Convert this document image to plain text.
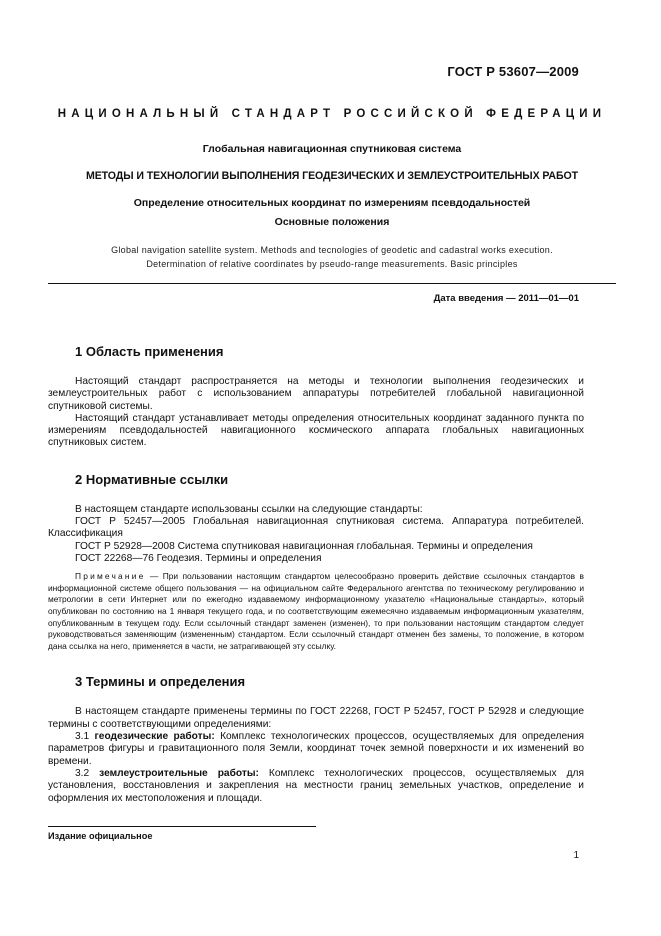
ГОСТ Р 53607—2009
НАЦИОНАЛЬНЫЙ СТАНДАРТ РОССИЙСКОЙ ФЕДЕРАЦИИ
Глобальная навигационная спутниковая система
МЕТОДЫ И ТЕХНОЛОГИИ ВЫПОЛНЕНИЯ ГЕОДЕЗИЧЕСКИХ И ЗЕМЛЕУСТРОИТЕЛЬНЫХ РАБОТ
Определение относительных координат по измерениям псевдодальностей
Основные положения
Global navigation satellite system. Methods and tecnologies of geodetic and cadastral works execution.
Determination of relative coordinates by pseudo-range measurements. Basic principles
Дата введения — 2011—01—01
1 Область применения

Настоящий стандарт распространяется на методы и технологии выполнения геодезических и землеустроительных работ с использованием аппаратуры потребителей глобальной навигационной спутниковой системы.

Настоящий стандарт устанавливает методы определения относительных координат заданного пункта по измерениям псевдодальностей навигационного космического аппарата глобальных навигационных спутниковых систем.

2 Нормативные ссылки

В настоящем стандарте использованы ссылки на следующие стандарты:

ГОСТ Р 52457—2005 Глобальная навигационная спутниковая система. Аппаратура потребителей. Классификация

ГОСТ Р 52928—2008 Система спутниковая навигационная глобальная. Термины и определения

ГОСТ 22268—76 Геодезия. Термины и определения

Примечание — При пользовании настоящим стандартом целесообразно проверить действие ссылочных стандартов в информационной системе общего пользования — на официальном сайте Федерального агентства по техническому регулированию и метрологии в сети Интернет или по ежегодно издаваемому информационному указателю «Национальные стандарты», который опубликован по состоянию на 1 января текущего года, и по соответствующим ежемесячно издаваемым информационным указателям, опубликованным в текущем году. Если ссылочный стандарт заменен (изменен), то при пользовании настоящим стандартом следует руководствоваться заменяющим (измененным) стандартом. Если ссылочный стандарт отменен без замены, то положение, в котором дана ссылка на него, применяется в части, не затрагивающей эту ссылку.

3 Термины и определения

В настоящем стандарте применены термины по ГОСТ 22268, ГОСТ Р 52457, ГОСТ Р 52928 и следующие термины с соответствующими определениями:

3.1 геодезические работы: Комплекс технологических процессов, осуществляемых для определения параметров фигуры и гравитационного поля Земли, координат точек земной поверхности и их изменений во времени.

3.2 землеустроительные работы: Комплекс технологических процессов, осуществляемых для установления, восстановления и закрепления на местности границ земельных участков, определение и оформления их местоположения и площади.

Издание официальное
1
